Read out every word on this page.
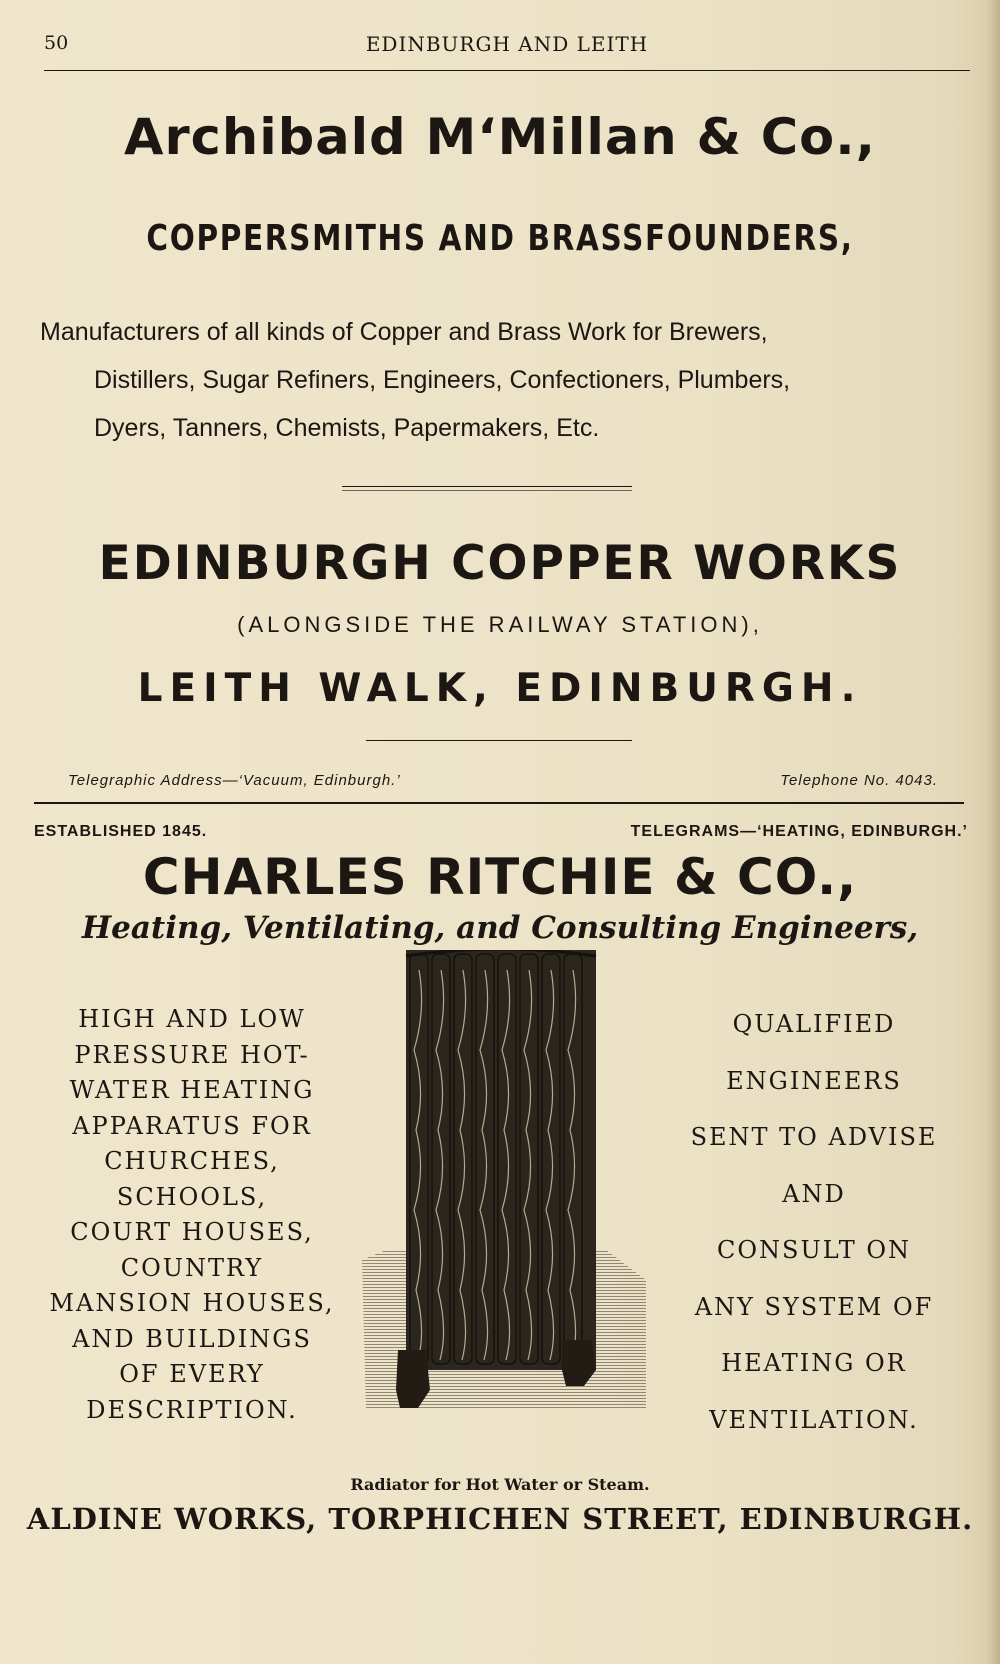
50	EDINBURGH AND LEITH
Archibald M‘Millan & Co.,
COPPERSMITHS AND BRASSFOUNDERS,
Manufacturers of all kinds of Copper and Brass Work for Brewers,
Distillers, Sugar Refiners, Engineers, Confectioners, Plumbers,
Dyers, Tanners, Chemists, Papermakers, Etc.
EDINBURGH COPPER WORKS
(ALONGSIDE THE RAILWAY STATION),
LEITH WALK, EDINBURGH.
Telegraphic Address—‘Vacuum, Edinburgh.’	Telephone No. 4043.
ESTABLISHED 1845.	TELEGRAMS—‘HEATING, EDINBURGH.’
CHARLES RITCHIE & CO.,
Heating, Ventilating, and Consulting Engineers,
HIGH AND LOW
PRESSURE HOT-
WATER HEATING
APPARATUS FOR
CHURCHES,
SCHOOLS,
COURT HOUSES,
COUNTRY
MANSION HOUSES,
AND BUILDINGS
OF EVERY
DESCRIPTION.
QUALIFIED
ENGINEERS
SENT TO ADVISE
AND
CONSULT ON
ANY SYSTEM OF
HEATING OR
VENTILATION.
Radiator for Hot Water or Steam.
ALDINE WORKS, TORPHICHEN STREET, EDINBURGH.
